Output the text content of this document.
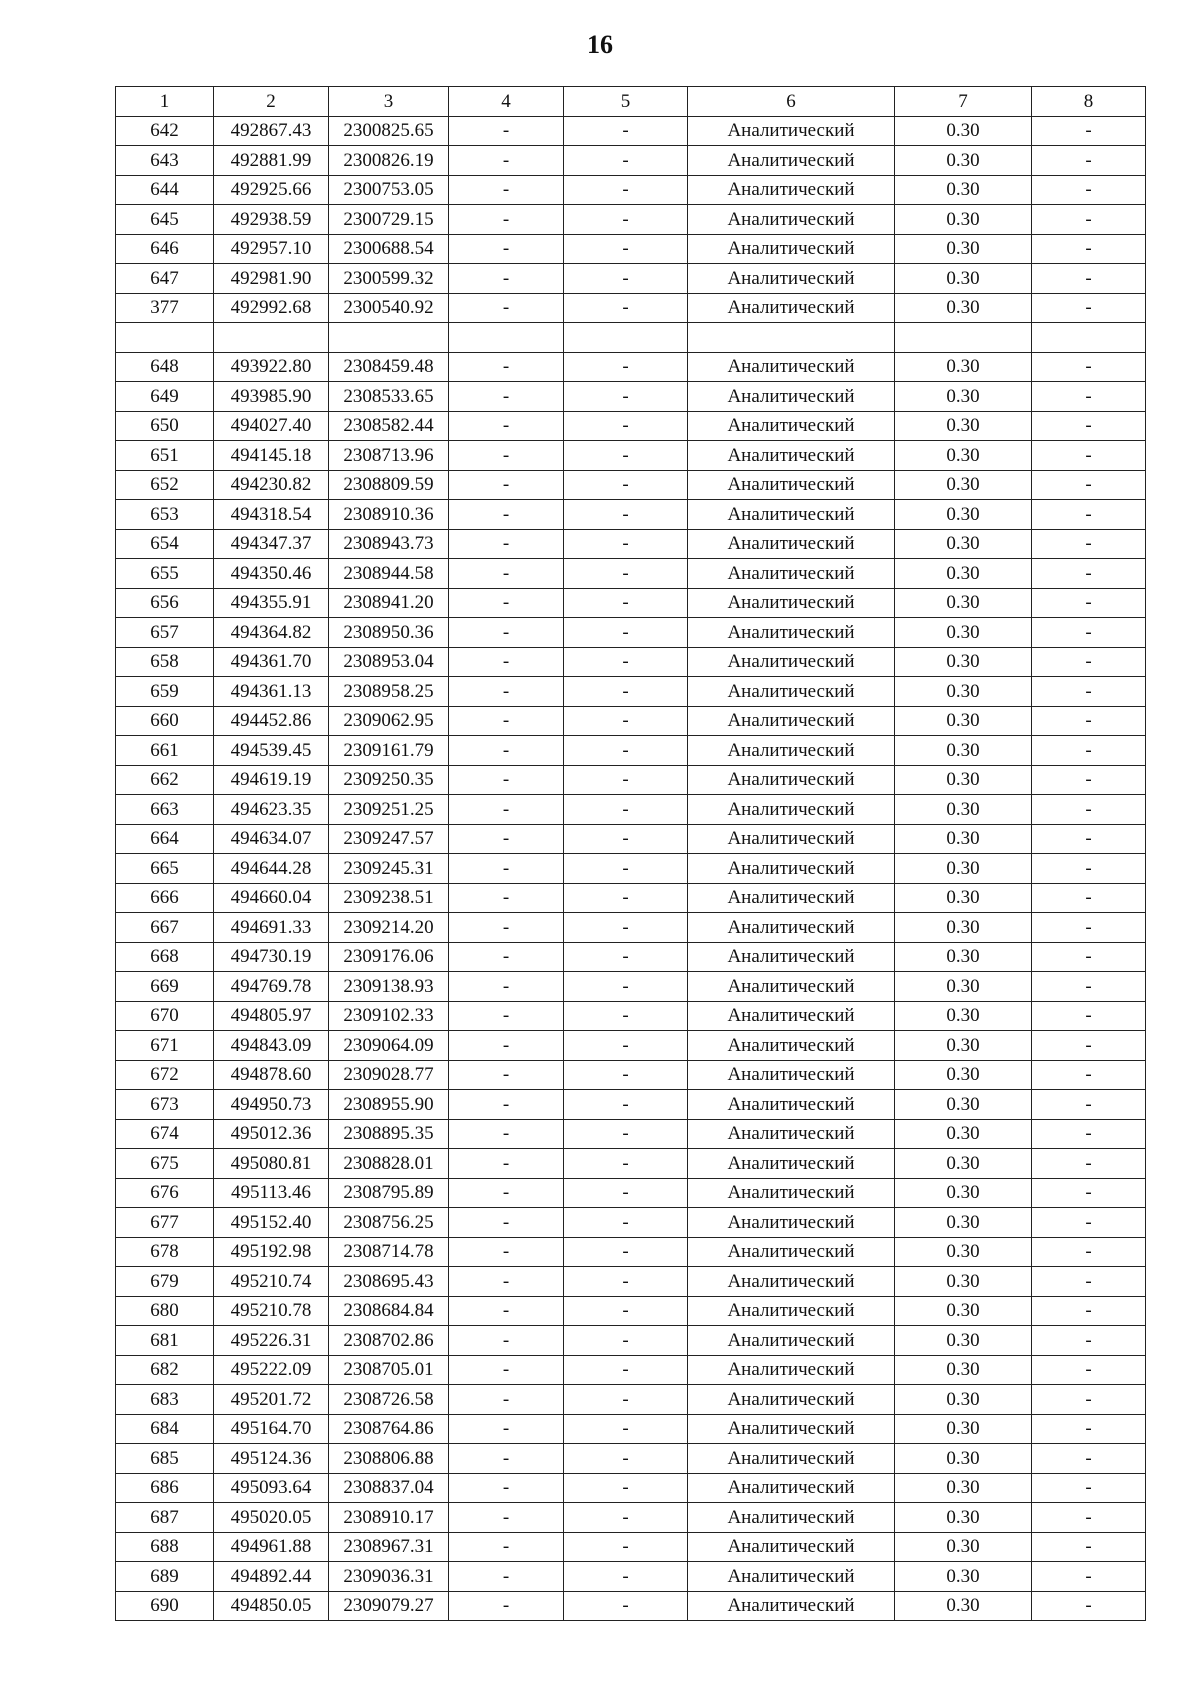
16
1	2	3	4	5	6	7	8
642	492867.43	2300825.65	-	-	Аналитический	0.30	-
643	492881.99	2300826.19	-	-	Аналитический	0.30	-
644	492925.66	2300753.05	-	-	Аналитический	0.30	-
645	492938.59	2300729.15	-	-	Аналитический	0.30	-
646	492957.10	2300688.54	-	-	Аналитический	0.30	-
647	492981.90	2300599.32	-	-	Аналитический	0.30	-
377	492992.68	2300540.92	-	-	Аналитический	0.30	-

648	493922.80	2308459.48	-	-	Аналитический	0.30	-
649	493985.90	2308533.65	-	-	Аналитический	0.30	-
650	494027.40	2308582.44	-	-	Аналитический	0.30	-
651	494145.18	2308713.96	-	-	Аналитический	0.30	-
652	494230.82	2308809.59	-	-	Аналитический	0.30	-
653	494318.54	2308910.36	-	-	Аналитический	0.30	-
654	494347.37	2308943.73	-	-	Аналитический	0.30	-
655	494350.46	2308944.58	-	-	Аналитический	0.30	-
656	494355.91	2308941.20	-	-	Аналитический	0.30	-
657	494364.82	2308950.36	-	-	Аналитический	0.30	-
658	494361.70	2308953.04	-	-	Аналитический	0.30	-
659	494361.13	2308958.25	-	-	Аналитический	0.30	-
660	494452.86	2309062.95	-	-	Аналитический	0.30	-
661	494539.45	2309161.79	-	-	Аналитический	0.30	-
662	494619.19	2309250.35	-	-	Аналитический	0.30	-
663	494623.35	2309251.25	-	-	Аналитический	0.30	-
664	494634.07	2309247.57	-	-	Аналитический	0.30	-
665	494644.28	2309245.31	-	-	Аналитический	0.30	-
666	494660.04	2309238.51	-	-	Аналитический	0.30	-
667	494691.33	2309214.20	-	-	Аналитический	0.30	-
668	494730.19	2309176.06	-	-	Аналитический	0.30	-
669	494769.78	2309138.93	-	-	Аналитический	0.30	-
670	494805.97	2309102.33	-	-	Аналитический	0.30	-
671	494843.09	2309064.09	-	-	Аналитический	0.30	-
672	494878.60	2309028.77	-	-	Аналитический	0.30	-
673	494950.73	2308955.90	-	-	Аналитический	0.30	-
674	495012.36	2308895.35	-	-	Аналитический	0.30	-
675	495080.81	2308828.01	-	-	Аналитический	0.30	-
676	495113.46	2308795.89	-	-	Аналитический	0.30	-
677	495152.40	2308756.25	-	-	Аналитический	0.30	-
678	495192.98	2308714.78	-	-	Аналитический	0.30	-
679	495210.74	2308695.43	-	-	Аналитический	0.30	-
680	495210.78	2308684.84	-	-	Аналитический	0.30	-
681	495226.31	2308702.86	-	-	Аналитический	0.30	-
682	495222.09	2308705.01	-	-	Аналитический	0.30	-
683	495201.72	2308726.58	-	-	Аналитический	0.30	-
684	495164.70	2308764.86	-	-	Аналитический	0.30	-
685	495124.36	2308806.88	-	-	Аналитический	0.30	-
686	495093.64	2308837.04	-	-	Аналитический	0.30	-
687	495020.05	2308910.17	-	-	Аналитический	0.30	-
688	494961.88	2308967.31	-	-	Аналитический	0.30	-
689	494892.44	2309036.31	-	-	Аналитический	0.30	-
690	494850.05	2309079.27	-	-	Аналитический	0.30	-
